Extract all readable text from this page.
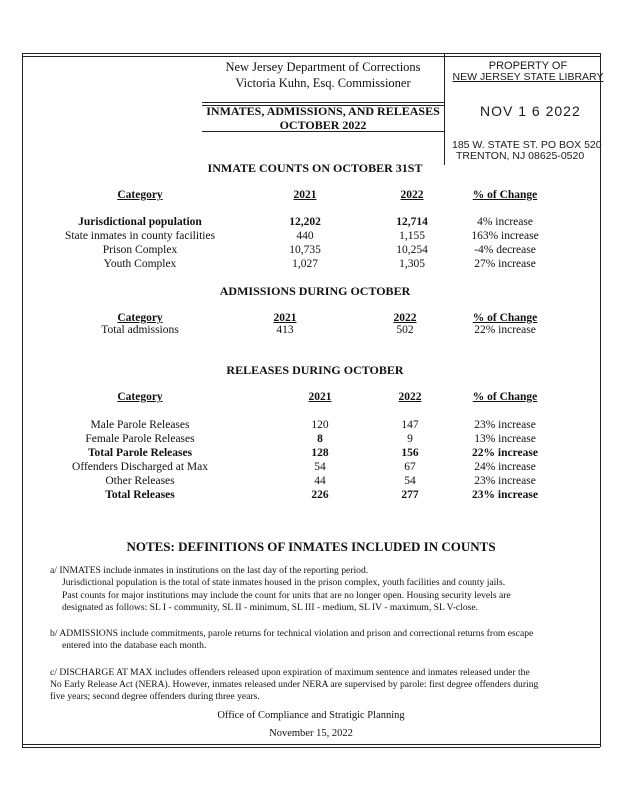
New Jersey Department of Corrections
Victoria Kuhn, Esq. Commissioner
INMATES, ADMISSIONS, AND RELEASES
OCTOBER 2022
PROPERTY OF
NEW JERSEY STATE LIBRARY
NOV 1 6 2022
185 W. STATE ST. PO BOX 520
TRENTON, NJ 08625-0520
INMATE COUNTS ON OCTOBER 31ST
Category	2021	2022	% of Change
Jurisdictional population	12,202	12,714	4% increase
State inmates in county facilities	440	1,155	163% increase
Prison Complex	10,735	10,254	-4% decrease
Youth Complex	1,027	1,305	27% increase
ADMISSIONS DURING OCTOBER
Category	2021	2022	% of Change
Total admissions	413	502	22% increase
RELEASES DURING OCTOBER
Category	2021	2022	% of Change
Male Parole Releases	120	147	23% increase
Female Parole Releases	8	9	13% increase
Total Parole Releases	128	156	22% increase
Offenders Discharged at Max	54	67	24% increase
Other Releases	44	54	23% increase
Total Releases	226	277	23% increase
NOTES: DEFINITIONS OF INMATES INCLUDED IN COUNTS

a/ INMATES include inmates in institutions on the last day of the reporting period.

Jurisdictional population is the total of state inmates housed in the prison complex, youth facilities and county jails.

Past counts for major institutions may include the count for units that are no longer open. Housing security levels are

designated as follows: SL I - community, SL II - minimum, SL III - medium, SL IV - maximum, SL V-close.

b/ ADMISSIONS include commitments, parole returns for technical violation and prison and correctional returns from escape

entered into the database each month.

c/ DISCHARGE AT MAX includes offenders released upon expiration of maximum sentence and inmates released under the

No Early Release Act (NERA). However, inmates released under NERA are supervised by parole: first degree offenders during

five years; second degree offenders during three years.

Office of Compliance and Stratigic Planning
November 15, 2022
